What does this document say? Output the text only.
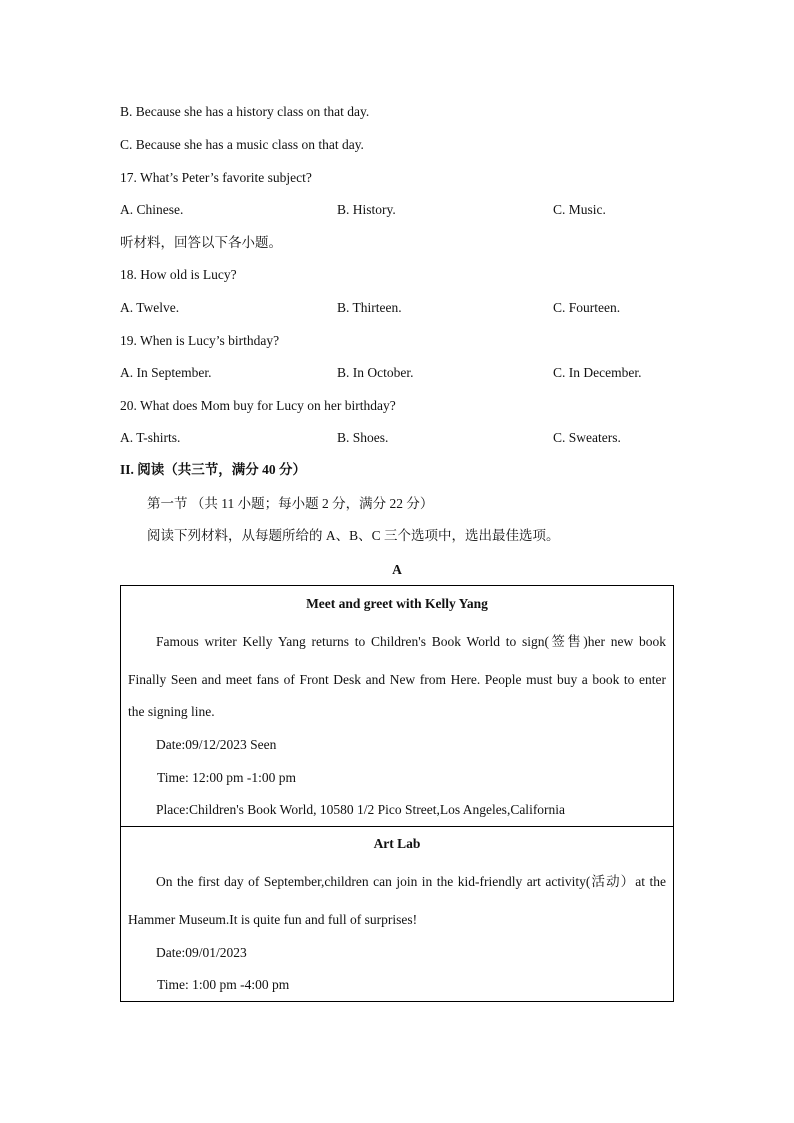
B. Because she has a history class on that day.
C. Because she has a music class on that day.
17. What’s Peter’s favorite subject?
A. Chinese.	B. History.	C. Music.
听材料，回答以下各小题。
18. How old is Lucy?
A. Twelve.	B. Thirteen.	C. Fourteen.
19. When is Lucy’s birthday?
A. In September.	B. In October.	C. In December.
20. What does Mom buy for Lucy on her birthday?
A. T-shirts.	B. Shoes.	C. Sweaters.
II. 阅读（共三节，满分 40 分）
第一节 （共 11 小题；每小题 2 分，满分 22 分）
阅读下列材料，从每题所给的 A、B、C 三个选项中，选出最佳选项。
A
Meet and greet with Kelly Yang
Famous writer Kelly Yang returns to Children's Book World to sign(签售)her new book
Finally Seen and meet fans of Front Desk and New from Here. People must buy a book to enter
the signing line.
Date:09/12/2023 Seen
Time: 12:00 pm -1:00 pm
Place:Children's Book World, 10580 1/2 Pico Street,Los Angeles,California
Art Lab
On the first day of September,children can join in the kid-friendly art activity(活动）at the
Hammer Museum.It is quite fun and full of surprises!
Date:09/01/2023
Time: 1:00 pm -4:00 pm
